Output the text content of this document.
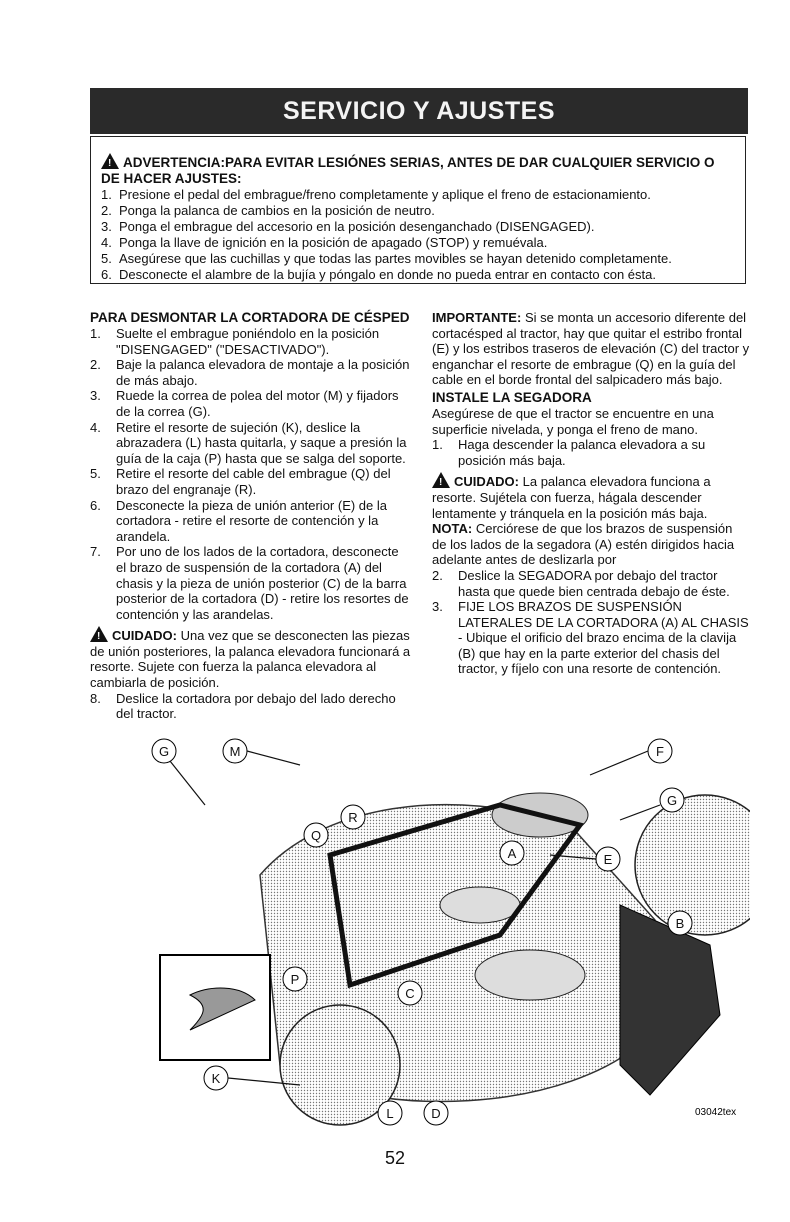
SERVICIO Y AJUSTES
!ADVERTENCIA:PARA EVITAR LESIÓNES SERIAS, ANTES DE DAR CUALQUIER SERVICIO O DE HACER AJUSTES:
1. Presione el pedal del embrague/freno completamente y aplique el freno de estacionamiento.
2. Ponga la palanca de cambios en la posición de neutro.
3. Ponga el embrague del accesorio en la posición desenganchado (DISENGAGED).
4. Ponga la llave de ignición en la posición de apagado (STOP) y remuévala.
5. Asegúrese que las cuchillas y que todas las partes movibles se hayan detenido completamente.
6. Desconecte el alambre de la bujía y póngalo en donde no pueda entrar en contacto con ésta.
PARA DESMONTAR LA CORTADORA DE CÉSPED
1.	Suelte el embrague poniéndolo en la posición "DISENGAGED" ("DESACTIVADO").
2.	Baje la palanca elevadora de montaje a la posición de más abajo.
3.	Ruede la correa de polea del motor (M) y fijadors de la correa (G).
4.	Retire el resorte de sujeción (K), deslice la abrazadera (L) hasta quitarla, y saque a presión la guía de la caja (P) hasta que se salga del soporte.
5.	Retire el resorte del cable del embrague (Q) del brazo del engranaje (R).
6.	Desconecte la pieza de unión anterior (E) de la cortadora - retire el resorte de contención y la arandela.
7.	Por uno de los lados de la cortadora, desconecte el brazo de suspensión de la cortadora (A) del chasis y la pieza de unión posterior (C) de la barra posterior de la cortadora (D) - retire los resortes de contención y las arandelas.

!CUIDADO: Una vez que se desconecten las piezas de unión posteriores, la palanca elevadora funcionará a resorte. Sujete con fuerza la palanca elevadora al cambiarla de posición.

8.	Deslice la cortadora por debajo del lado derecho del tractor.

IMPORTANTE: Si se monta un accesorio diferente del cortacésped al tractor, hay que quitar el estribo frontal (E) y los estribos traseros de elevación (C) del tractor y enganchar el resorte de embrague (Q) en la guía del cable en el borde frontal del salpicadero más bajo.

INSTALE LA SEGADORA

Asegúrese de que el tractor se encuentre en una superficie nivelada, y ponga el freno de mano.

1.	Haga descender la palanca elevadora a su posición más baja.

!CUIDADO: La palanca elevadora funciona a resorte. Sujétela con fuerza, hágala descender lentamente y tránquela en la posición más baja.

NOTA: Cerciórese de que los brazos de suspensión de los lados de la segadora (A) estén dirigidos hacia adelante antes de deslizarla por

2.	Deslice la SEGADORA por debajo del tractor hasta que quede bien centrada debajo de éste.
3.	FIJE LOS BRAZOS DE SUSPENSIÓN LATERALES DE LA CORTADORA (A) AL CHASIS - Ubique el orificio del brazo encima de la clavija (B) que hay en la parte exterior del chasis del tractor, y fíjelo con una resorte de contención.
G	M	F
G
R
Q
A	E
B
P
C
K
L	D	03042tex
52
